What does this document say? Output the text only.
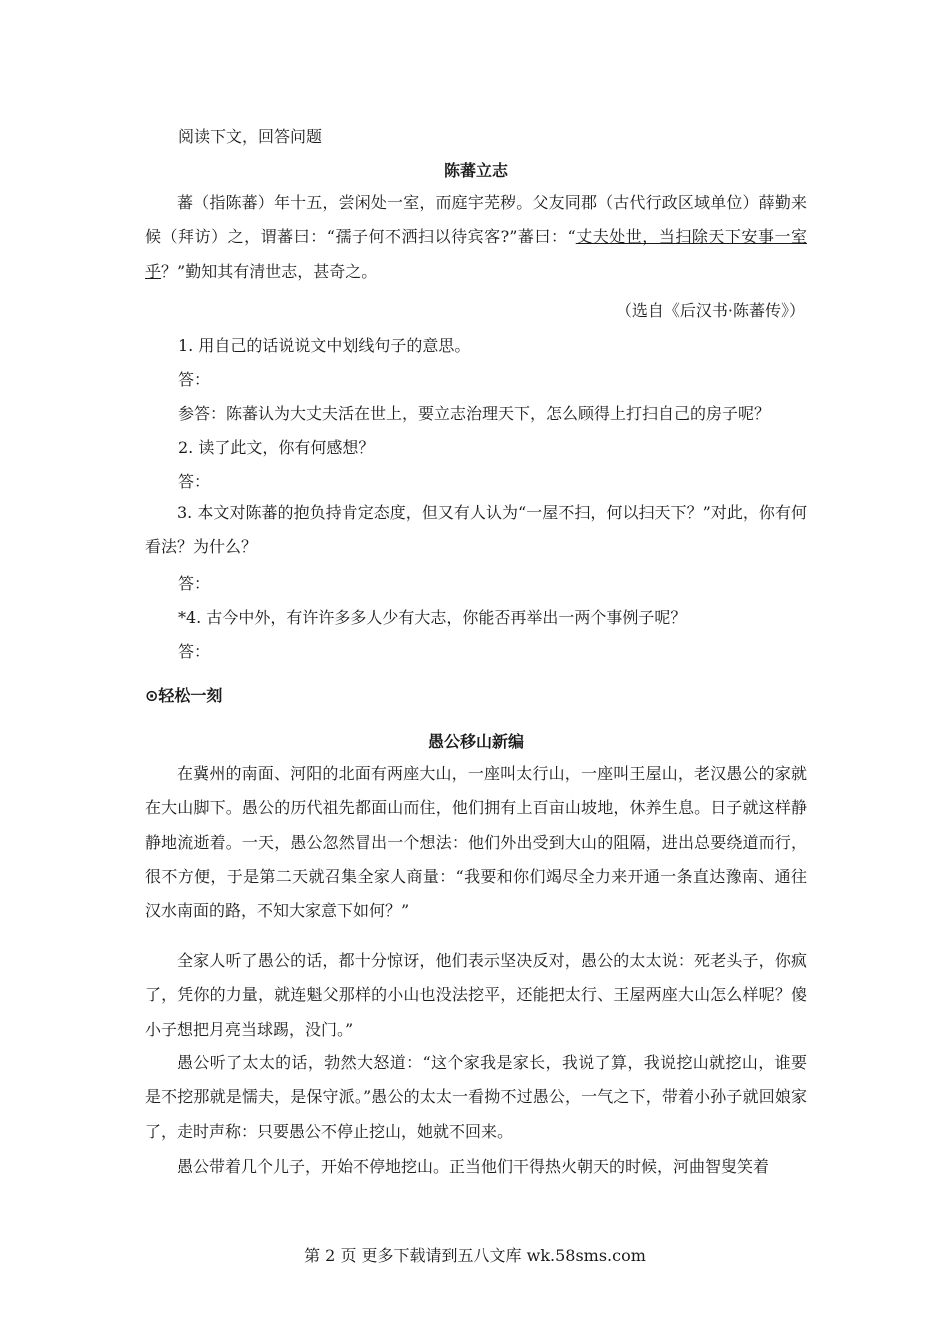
阅读下文，回答问题
陈蕃立志
蕃（指陈蕃）年十五，尝闲处一室，而庭宇芜秽。父友同郡（古代行政区域单位）薛勤来候（拜访）之，谓蕃曰：“孺子何不洒扫以待宾客?”蕃曰：“丈夫处世，当扫除天下安事一室乎？”勤知其有清世志，甚奇之。
（选自《后汉书·陈蕃传》）
1. 用自己的话说说文中划线句子的意思。
答：
参答：陈蕃认为大丈夫活在世上，要立志治理天下，怎么顾得上打扫自己的房子呢？
2. 读了此文，你有何感想？
答：
3. 本文对陈蕃的抱负持肯定态度，但又有人认为“一屋不扫，何以扫天下？”对此，你有何看法？为什么？
答：
*4. 古今中外，有许许多多人少有大志，你能否再举出一两个事例子呢？
答：
⊙轻松一刻
愚公移山新编
在冀州的南面、河阳的北面有两座大山，一座叫太行山，一座叫王屋山，老汉愚公的家就在大山脚下。愚公的历代祖先都面山而住，他们拥有上百亩山坡地，休养生息。日子就这样静静地流逝着。一天，愚公忽然冒出一个想法：他们外出受到大山的阻隔，进出总要绕道而行，很不方便，于是第二天就召集全家人商量：“我要和你们竭尽全力来开通一条直达豫南、通往汉水南面的路，不知大家意下如何？”
全家人听了愚公的话，都十分惊讶，他们表示坚决反对，愚公的太太说：死老头子，你疯了，凭你的力量，就连魁父那样的小山也没法挖平，还能把太行、王屋两座大山怎么样呢？傻小子想把月亮当球踢，没门。”
愚公听了太太的话，勃然大怒道：“这个家我是家长，我说了算，我说挖山就挖山，谁要是不挖那就是懦夫，是保守派。”愚公的太太一看拗不过愚公，一气之下，带着小孙子就回娘家了，走时声称：只要愚公不停止挖山，她就不回来。
愚公带着几个儿子，开始不停地挖山。正当他们干得热火朝天的时候，河曲智叟笑着
第 2 页 更多下载请到五八文库 wk.58sms.com
